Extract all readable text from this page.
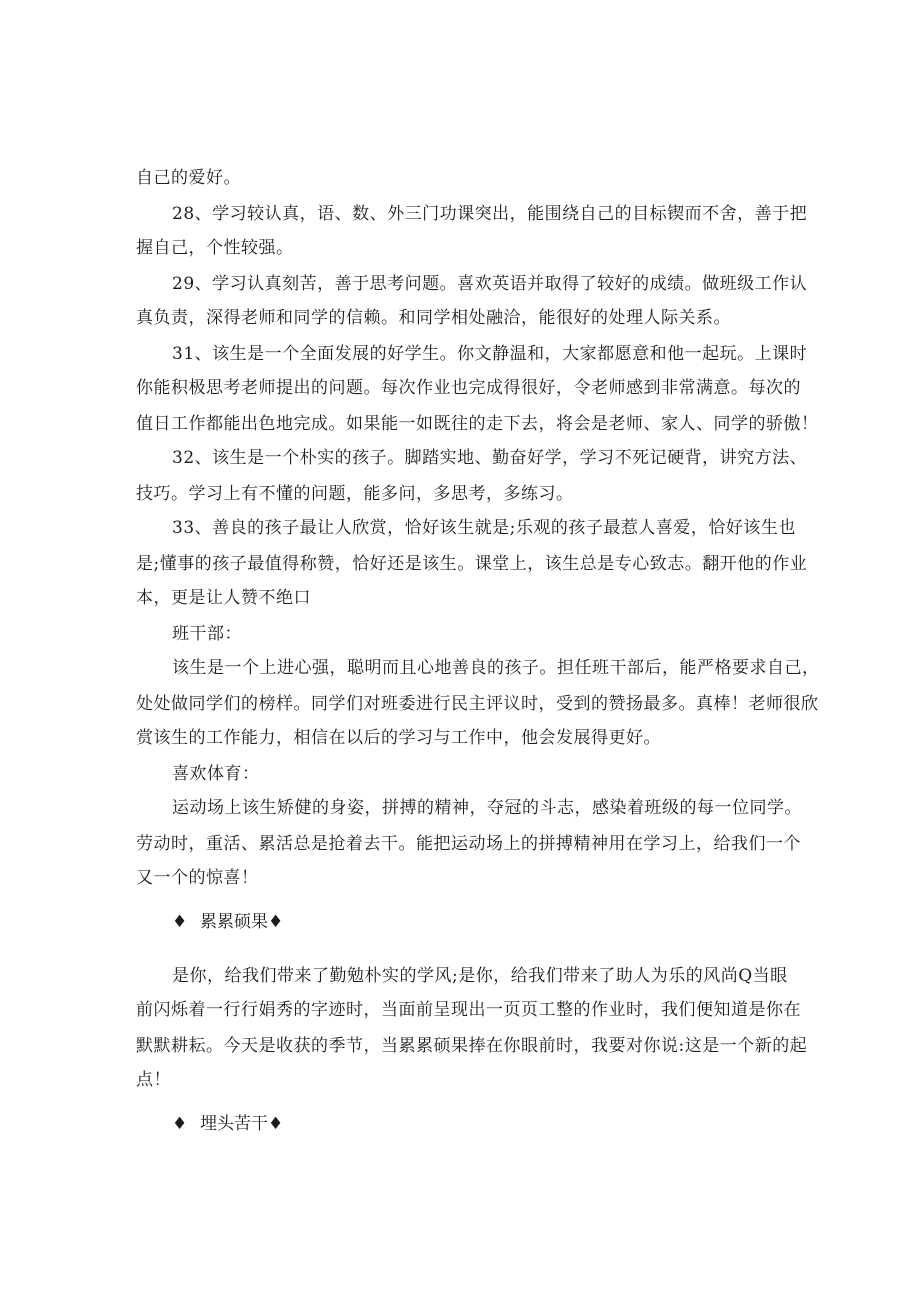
自己的爱好。
28、学习较认真，语、数、外三门功课突出，能围绕自己的目标锲而不舍，善于把
握自己，个性较强。
29、学习认真刻苦，善于思考问题。喜欢英语并取得了较好的成绩。做班级工作认
真负责，深得老师和同学的信赖。和同学相处融洽，能很好的处理人际关系。
31、该生是一个全面发展的好学生。你文静温和，大家都愿意和他一起玩。上课时
你能积极思考老师提出的问题。每次作业也完成得很好，令老师感到非常满意。每次的
值日工作都能出色地完成。如果能一如既往的走下去，将会是老师、家人、同学的骄傲！
32、该生是一个朴实的孩子。脚踏实地、勤奋好学，学习不死记硬背，讲究方法、
技巧。学习上有不懂的问题，能多问，多思考，多练习。
33、善良的孩子最让人欣赏，恰好该生就是;乐观的孩子最惹人喜爱，恰好该生也
是;懂事的孩子最值得称赞，恰好还是该生。课堂上，该生总是专心致志。翻开他的作业
本，更是让人赞不绝口
班干部：
该生是一个上进心强，聪明而且心地善良的孩子。担任班干部后，能严格要求自己，
处处做同学们的榜样。同学们对班委进行民主评议时，受到的赞扬最多。真棒！老师很欣
赏该生的工作能力，相信在以后的学习与工作中，他会发展得更好。
喜欢体育：
运动场上该生矫健的身姿，拼搏的精神，夺冠的斗志，感染着班级的每一位同学。
劳动时，重活、累活总是抢着去干。能把运动场上的拼搏精神用在学习上，给我们一个
又一个的惊喜！
♦ 累累硕果♦
是你，给我们带来了勤勉朴实的学风;是你，给我们带来了助人为乐的风尚Q当眼
前闪烁着一行行娟秀的字迹时，当面前呈现出一页页工整的作业时，我们便知道是你在
默默耕耘。今天是收获的季节，当累累硕果捧在你眼前时，我要对你说:这是一个新的起
点！
♦ 埋头苦干♦
